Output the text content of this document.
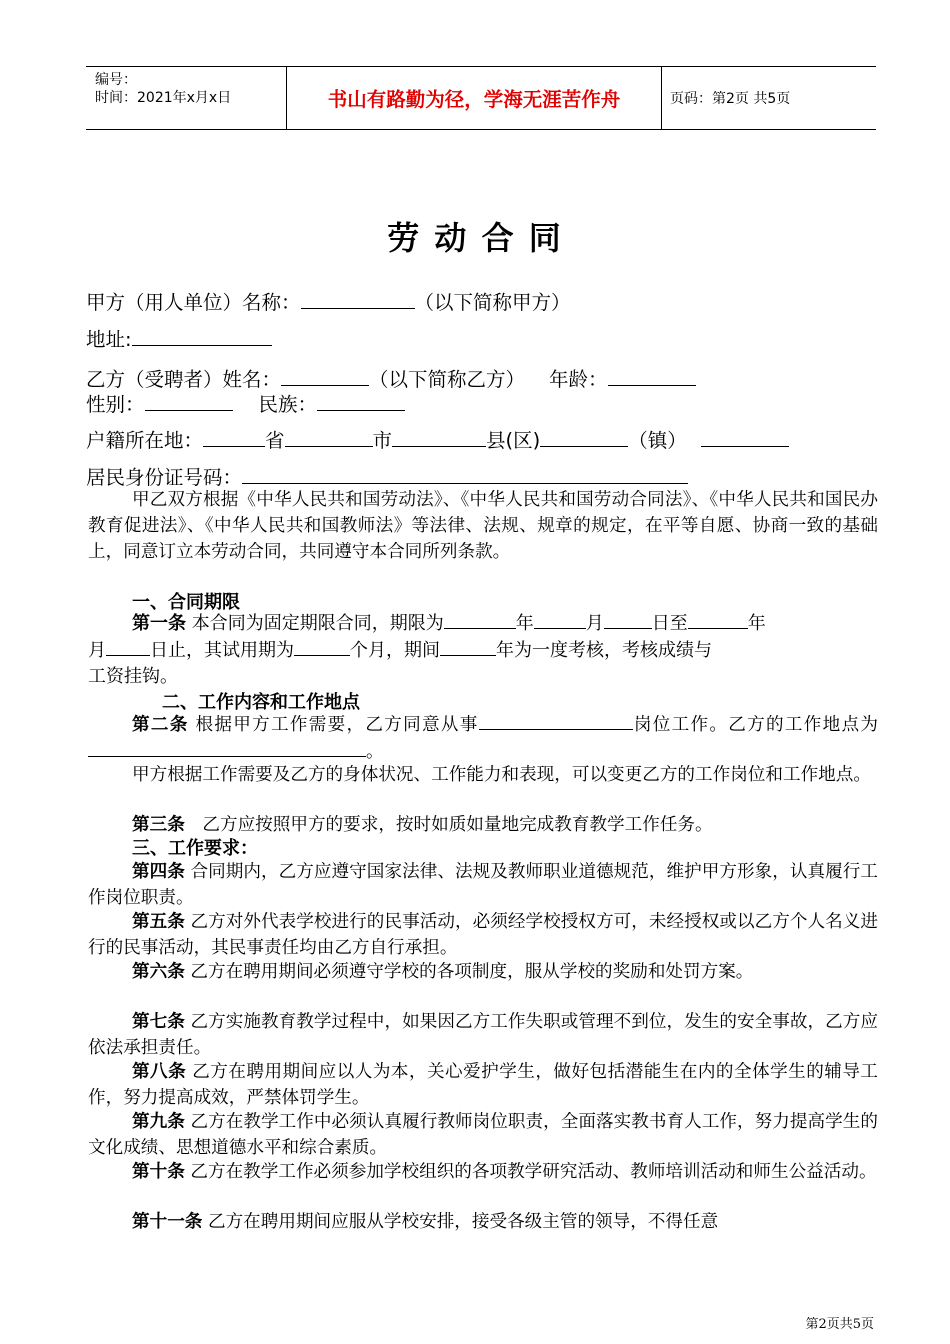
编号：
时间：2021年x月x日	书山有路勤为径，学海无涯苦作舟	页码：第2页 共5页
劳 动 合 同
甲方（用人单位）名称：	（以下简称甲方）
地址:
乙方（受聘者）姓名：	（以下简称乙方） 年龄：
性别：	民族：
户籍所在地：	省	市	县(区)	（镇）
居民身份证号码：

甲乙双方根据《中华人民共和国劳动法》、《中华人民共和国劳动合同法》、《中华人民共和国民办教育促进法》、《中华人民共和国教师法》等法律、法规、规章的规定，在平等自愿、协商一致的基础上，同意订立本劳动合同，共同遵守本合同所列条款。

一、合同期限
第一条 本合同为固定期限合同，期限为	年	月	日至	年
月 日止，其试用期为	个月，期间	年为一度考核，考核成绩与
工资挂钩。
二、工作内容和工作地点
第二条 根据甲方工作需要，乙方同意从事	岗位工作。乙方的工作地点为。

甲方根据工作需要及乙方的身体状况、工作能力和表现，可以变更乙方的工作岗位和工作地点。

第三条　乙方应按照甲方的要求，按时如质如量地完成教育教学工作任务。
三、工作要求：
第四条 合同期内，乙方应遵守国家法律、法规及教师职业道德规范，维护甲方形象，认真履行工作岗位职责。
第五条 乙方对外代表学校进行的民事活动，必须经学校授权方可，未经授权或以乙方个人名义进行的民事活动，其民事责任均由乙方自行承担。
第六条 乙方在聘用期间必须遵守学校的各项制度，服从学校的奖励和处罚方案。
第七条 乙方实施教育教学过程中，如果因乙方工作失职或管理不到位，发生的安全事故，乙方应依法承担责任。
第八条 乙方在聘用期间应以人为本，关心爱护学生，做好包括潜能生在内的全体学生的辅导工作，努力提高成效，严禁体罚学生。
第九条 乙方在教学工作中必须认真履行教师岗位职责，全面落实教书育人工作，努力提高学生的文化成绩、思想道德水平和综合素质。
第十条 乙方在教学工作必须参加学校组织的各项教学研究活动、教师培训活动和师生公益活动。
第十一条 乙方在聘用期间应服从学校安排，接受各级主管的领导，不得任意
第2页共5页
